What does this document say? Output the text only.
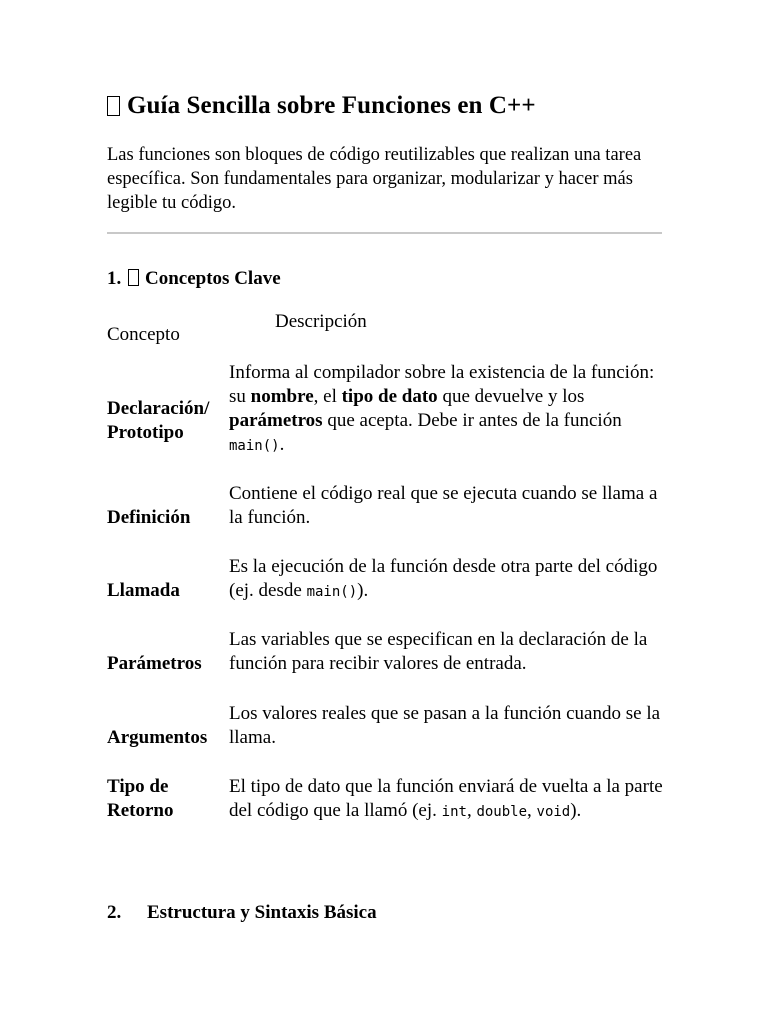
Guía Sencilla sobre Funciones en C++
Las funciones son bloques de código reutilizables que realizan una tarea específica. Son fundamentales para organizar, modularizar y hacer más legible tu código.
1. Conceptos Clave
Concepto
Descripción
Declaración/ Prototipo
Informa al compilador sobre la existencia de la función: su nombre, el tipo de dato que devuelve y los parámetros que acepta. Debe ir antes de la función main().
Definición
Contiene el código real que se ejecuta cuando se llama a la función.
Llamada
Es la ejecución de la función desde otra parte del código (ej. desde main()).
Parámetros
Las variables que se especifican en la declaración de la función para recibir valores de entrada.
Argumentos
Los valores reales que se pasan a la función cuando se la llama.
Tipo de Retorno
El tipo de dato que la función enviará de vuelta a la parte del código que la llamó (ej. int, double, void).
2. Estructura y Sintaxis Básica
